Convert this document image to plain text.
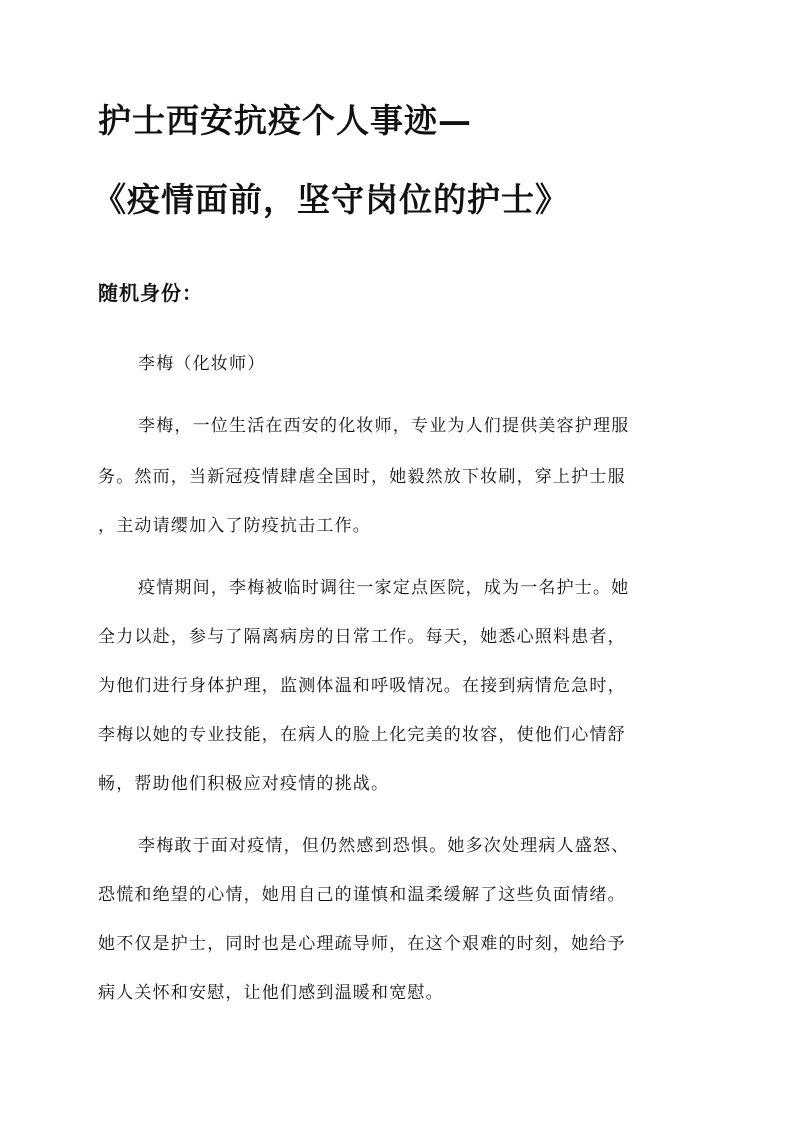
护士西安抗疫个人事迹—
《疫情面前，坚守岗位的护士》
随机身份：
李梅（化妆师）
李梅，一位生活在西安的化妆师，专业为人们提供美容护理服
务。然而，当新冠疫情肆虐全国时，她毅然放下妆刷，穿上护士服
，主动请缨加入了防疫抗击工作。
疫情期间，李梅被临时调往一家定点医院，成为一名护士。她
全力以赴，参与了隔离病房的日常工作。每天，她悉心照料患者，
为他们进行身体护理，监测体温和呼吸情况。在接到病情危急时，
李梅以她的专业技能，在病人的脸上化完美的妆容，使他们心情舒
畅，帮助他们积极应对疫情的挑战。
李梅敢于面对疫情，但仍然感到恐惧。她多次处理病人盛怒、
恐慌和绝望的心情，她用自己的谨慎和温柔缓解了这些负面情绪。
她不仅是护士，同时也是心理疏导师，在这个艰难的时刻，她给予
病人关怀和安慰，让他们感到温暖和宽慰。
